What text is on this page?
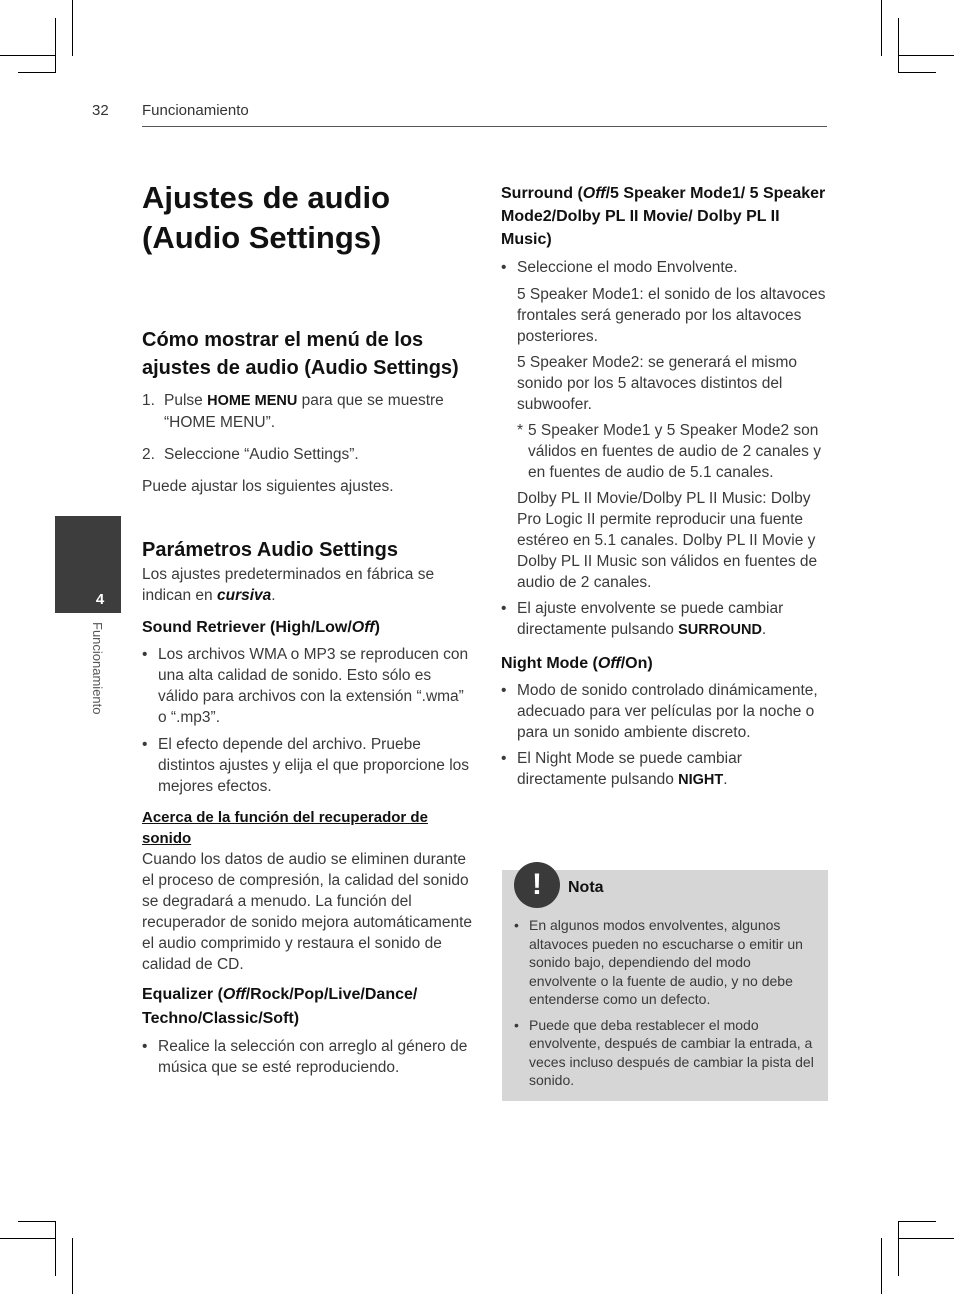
32 Funcionamiento
4
Funcionamiento
Ajustes de audio
(Audio Settings)

Cómo mostrar el menú de los ajustes de audio (Audio Settings)

1. Pulse HOME MENU para que se muestre “HOME MENU”.

2. Seleccione “Audio Settings”.

Puede ajustar los siguientes ajustes.

Parámetros Audio Settings

Los ajustes predeterminados en fábrica se indican en cursiva.

Sound Retriever (High/Low/Off)

• Los archivos WMA o MP3 se reproducen con una alta calidad de sonido. Esto sólo es válido para archivos con la extensión “.wma” o “.mp3”.

• El efecto depende del archivo. Pruebe distintos ajustes y elija el que proporcione los mejores efectos.

Acerca de la función del recuperador de sonido

Cuando los datos de audio se eliminen durante el proceso de compresión, la calidad del sonido se degradará a menudo. La función del recuperador de sonido mejora automáticamente el audio comprimido y restaura el sonido de calidad de CD.

Equalizer (Off/Rock/Pop/Live/Dance/ Techno/Classic/Soft)

• Realice la selección con arreglo al género de música que se esté reproduciendo.

Surround (Off/5 Speaker Mode1/ 5 Speaker Mode2/Dolby PL II Movie/ Dolby PL II Music)

• Seleccione el modo Envolvente.

5 Speaker Mode1: el sonido de los altavoces frontales será generado por los altavoces posteriores.

5 Speaker Mode2: se generará el mismo sonido por los 5 altavoces distintos del subwoofer.

* 5 Speaker Mode1 y 5 Speaker Mode2 son válidos en fuentes de audio de 2 canales y en fuentes de audio de 5.1 canales.

Dolby PL II Movie/Dolby PL II Music: Dolby Pro Logic II permite reproducir una fuente estéreo en 5.1 canales. Dolby PL II Movie y Dolby PL II Music son válidos en fuentes de audio de 2 canales.

• El ajuste envolvente se puede cambiar directamente pulsando SURROUND.

Night Mode (Off/On)

• Modo de sonido controlado dinámicamente, adecuado para ver películas por la noche o para un sonido ambiente discreto.

• El Night Mode se puede cambiar directamente pulsando NIGHT.

!	Nota

• En algunos modos envolventes, algunos altavoces pueden no escucharse o emitir un sonido bajo, dependiendo del modo envolvente o la fuente de audio, y no debe entenderse como un defecto.

• Puede que deba restablecer el modo envolvente, después de cambiar la entrada, a veces incluso después de cambiar la pista del sonido.
